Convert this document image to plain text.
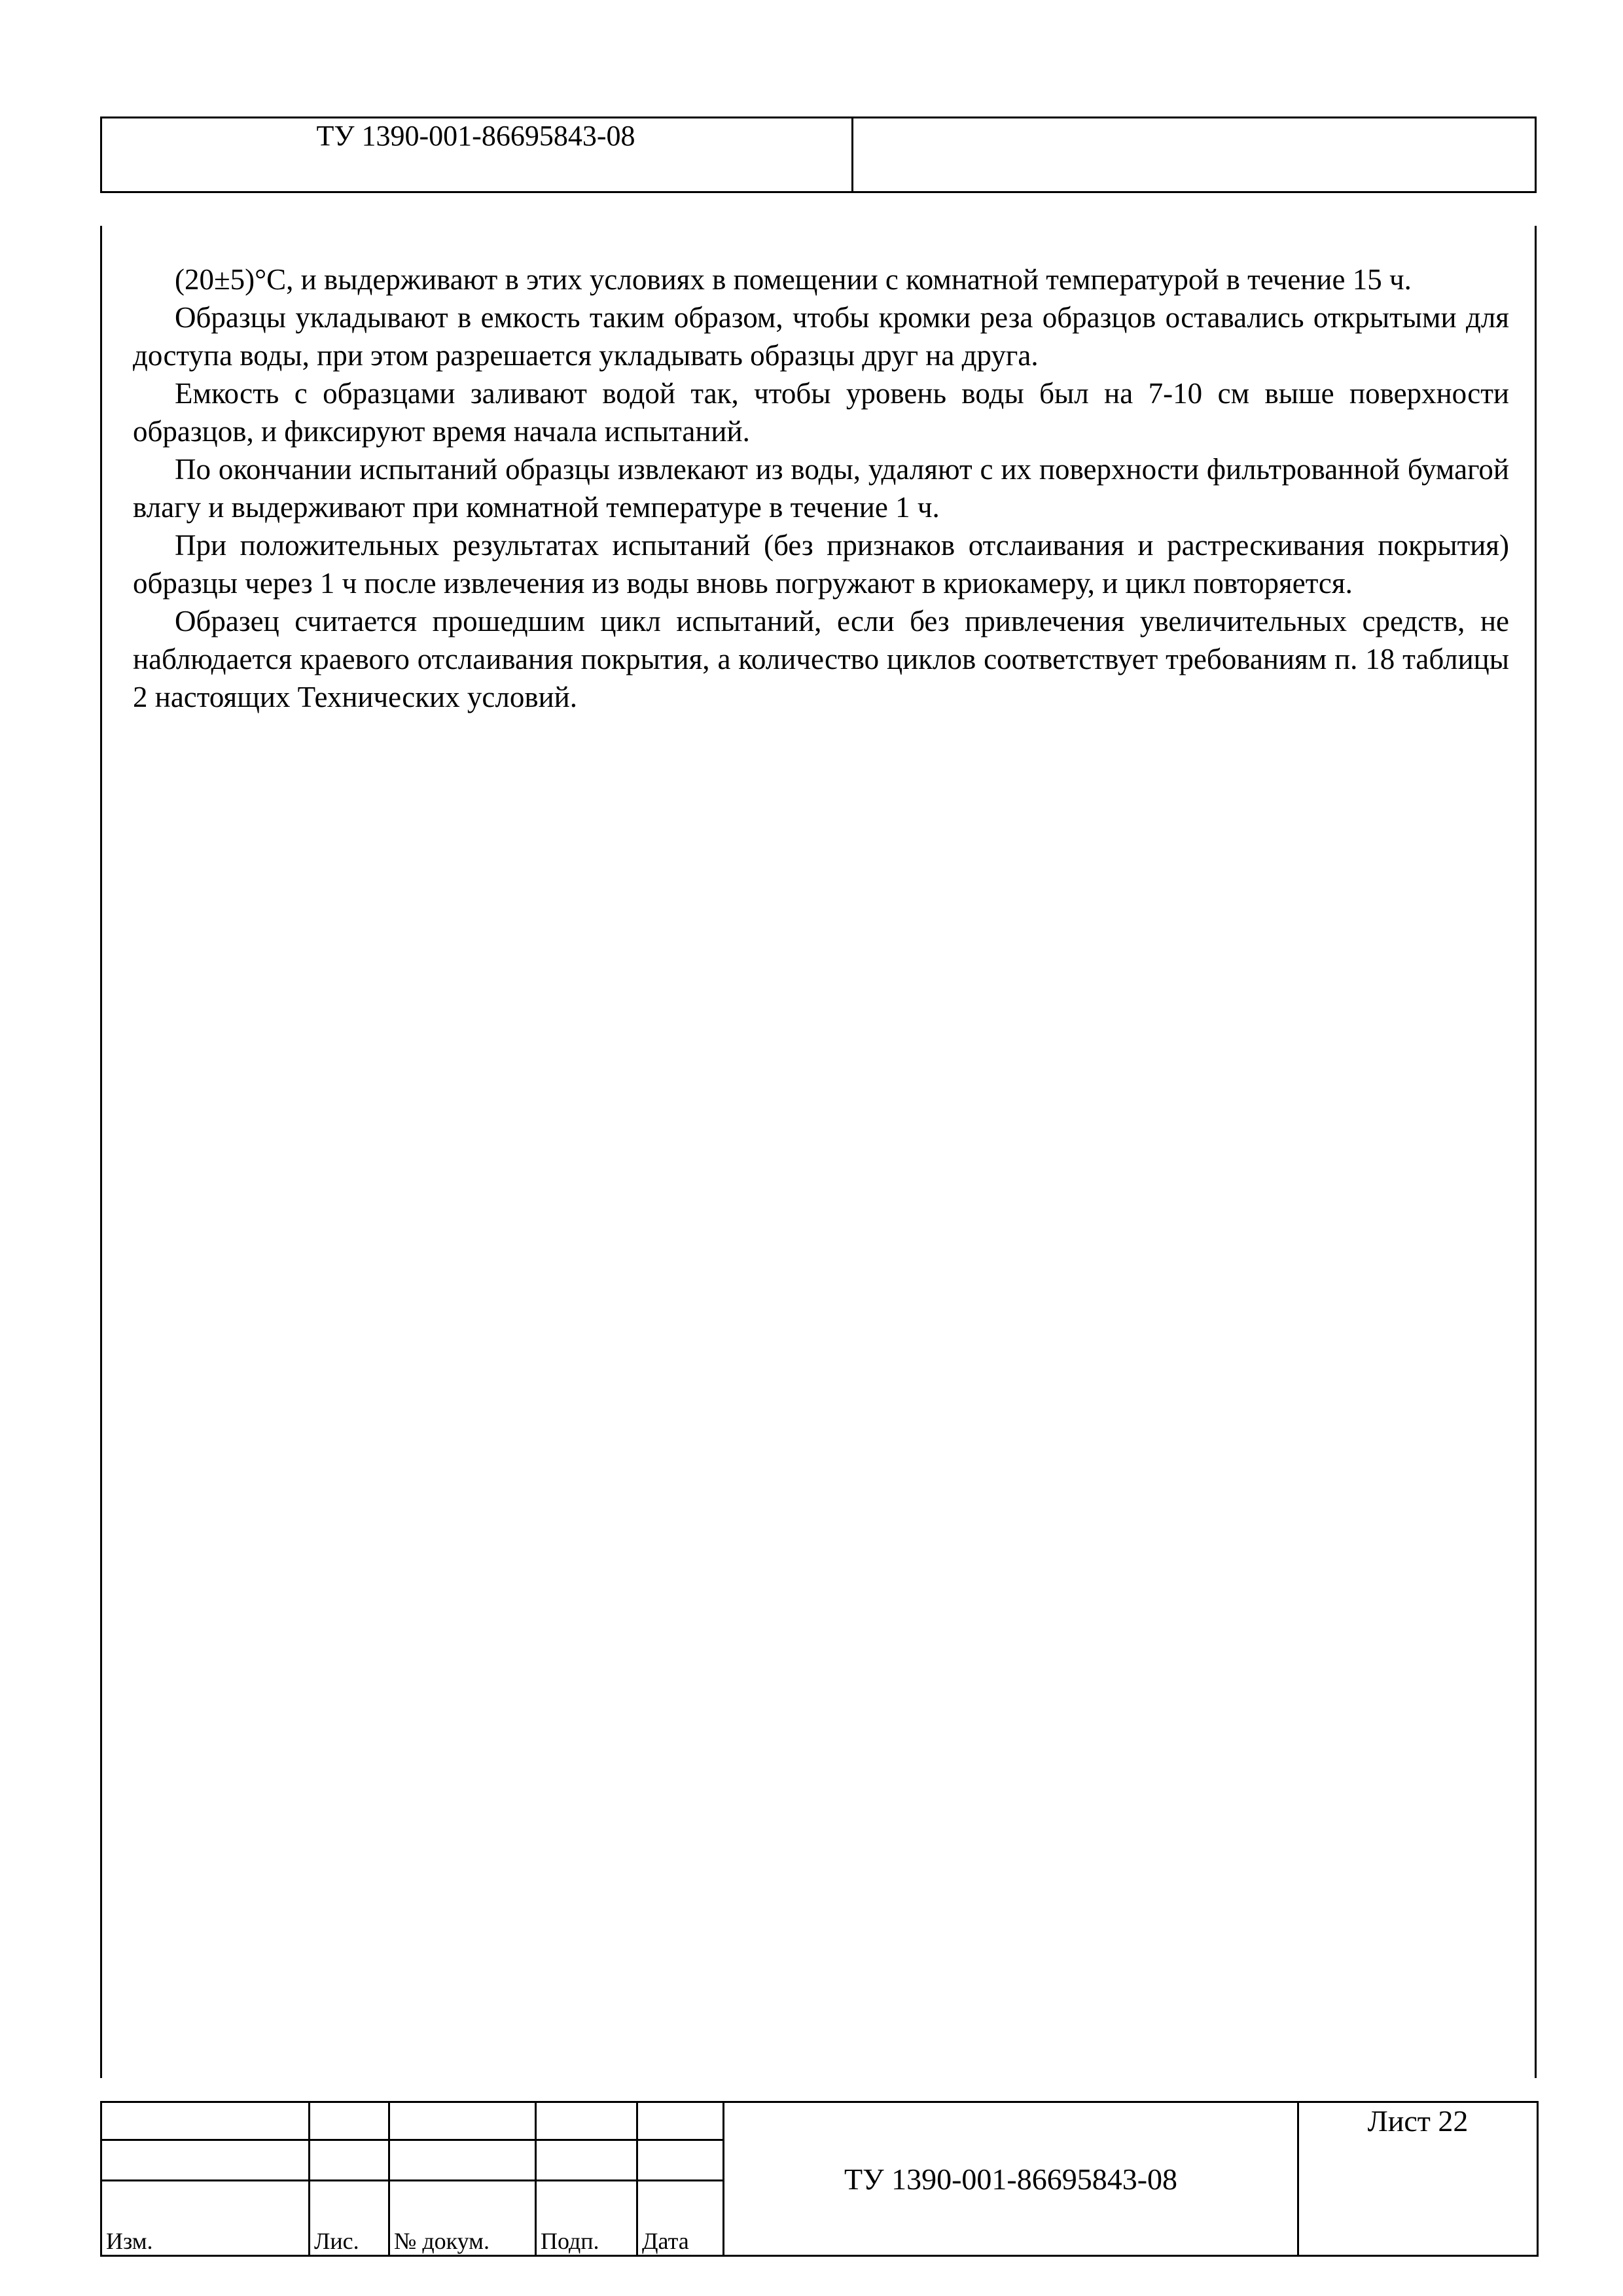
ТУ 1390-001-86695843-08

(20±5)°С, и выдерживают в этих условиях в помещении с комнатной температурой в течение 15 ч.

Образцы укладывают в емкость таким образом, чтобы кромки реза образцов оставались открытыми для доступа воды, при этом разрешается укладывать образцы друг на друга.

Емкость с образцами заливают водой так, чтобы уровень воды был на 7-10 см выше поверхности образцов, и фиксируют время начала испытаний.

По окончании испытаний образцы извлекают из воды, удаляют с их поверхности фильтрованной бумагой влагу и выдерживают при комнатной температуре в течение 1 ч.

При положительных результатах испытаний (без признаков отслаивания и растрескивания покрытия) образцы через 1 ч после извлечения из воды вновь погружают в криокамеру, и цикл повторяется.

Образец считается прошедшим цикл испытаний, если без привлечения увеличительных средств, не наблюдается краевого отслаивания покрытия, а количество циклов соответствует требованиям п. 18 таблицы 2 настоящих Технических условий.

					ТУ 1390-001-86695843-08	Лист 22

Изм.	Лис.	№ докум.	Подп.	Дата		
